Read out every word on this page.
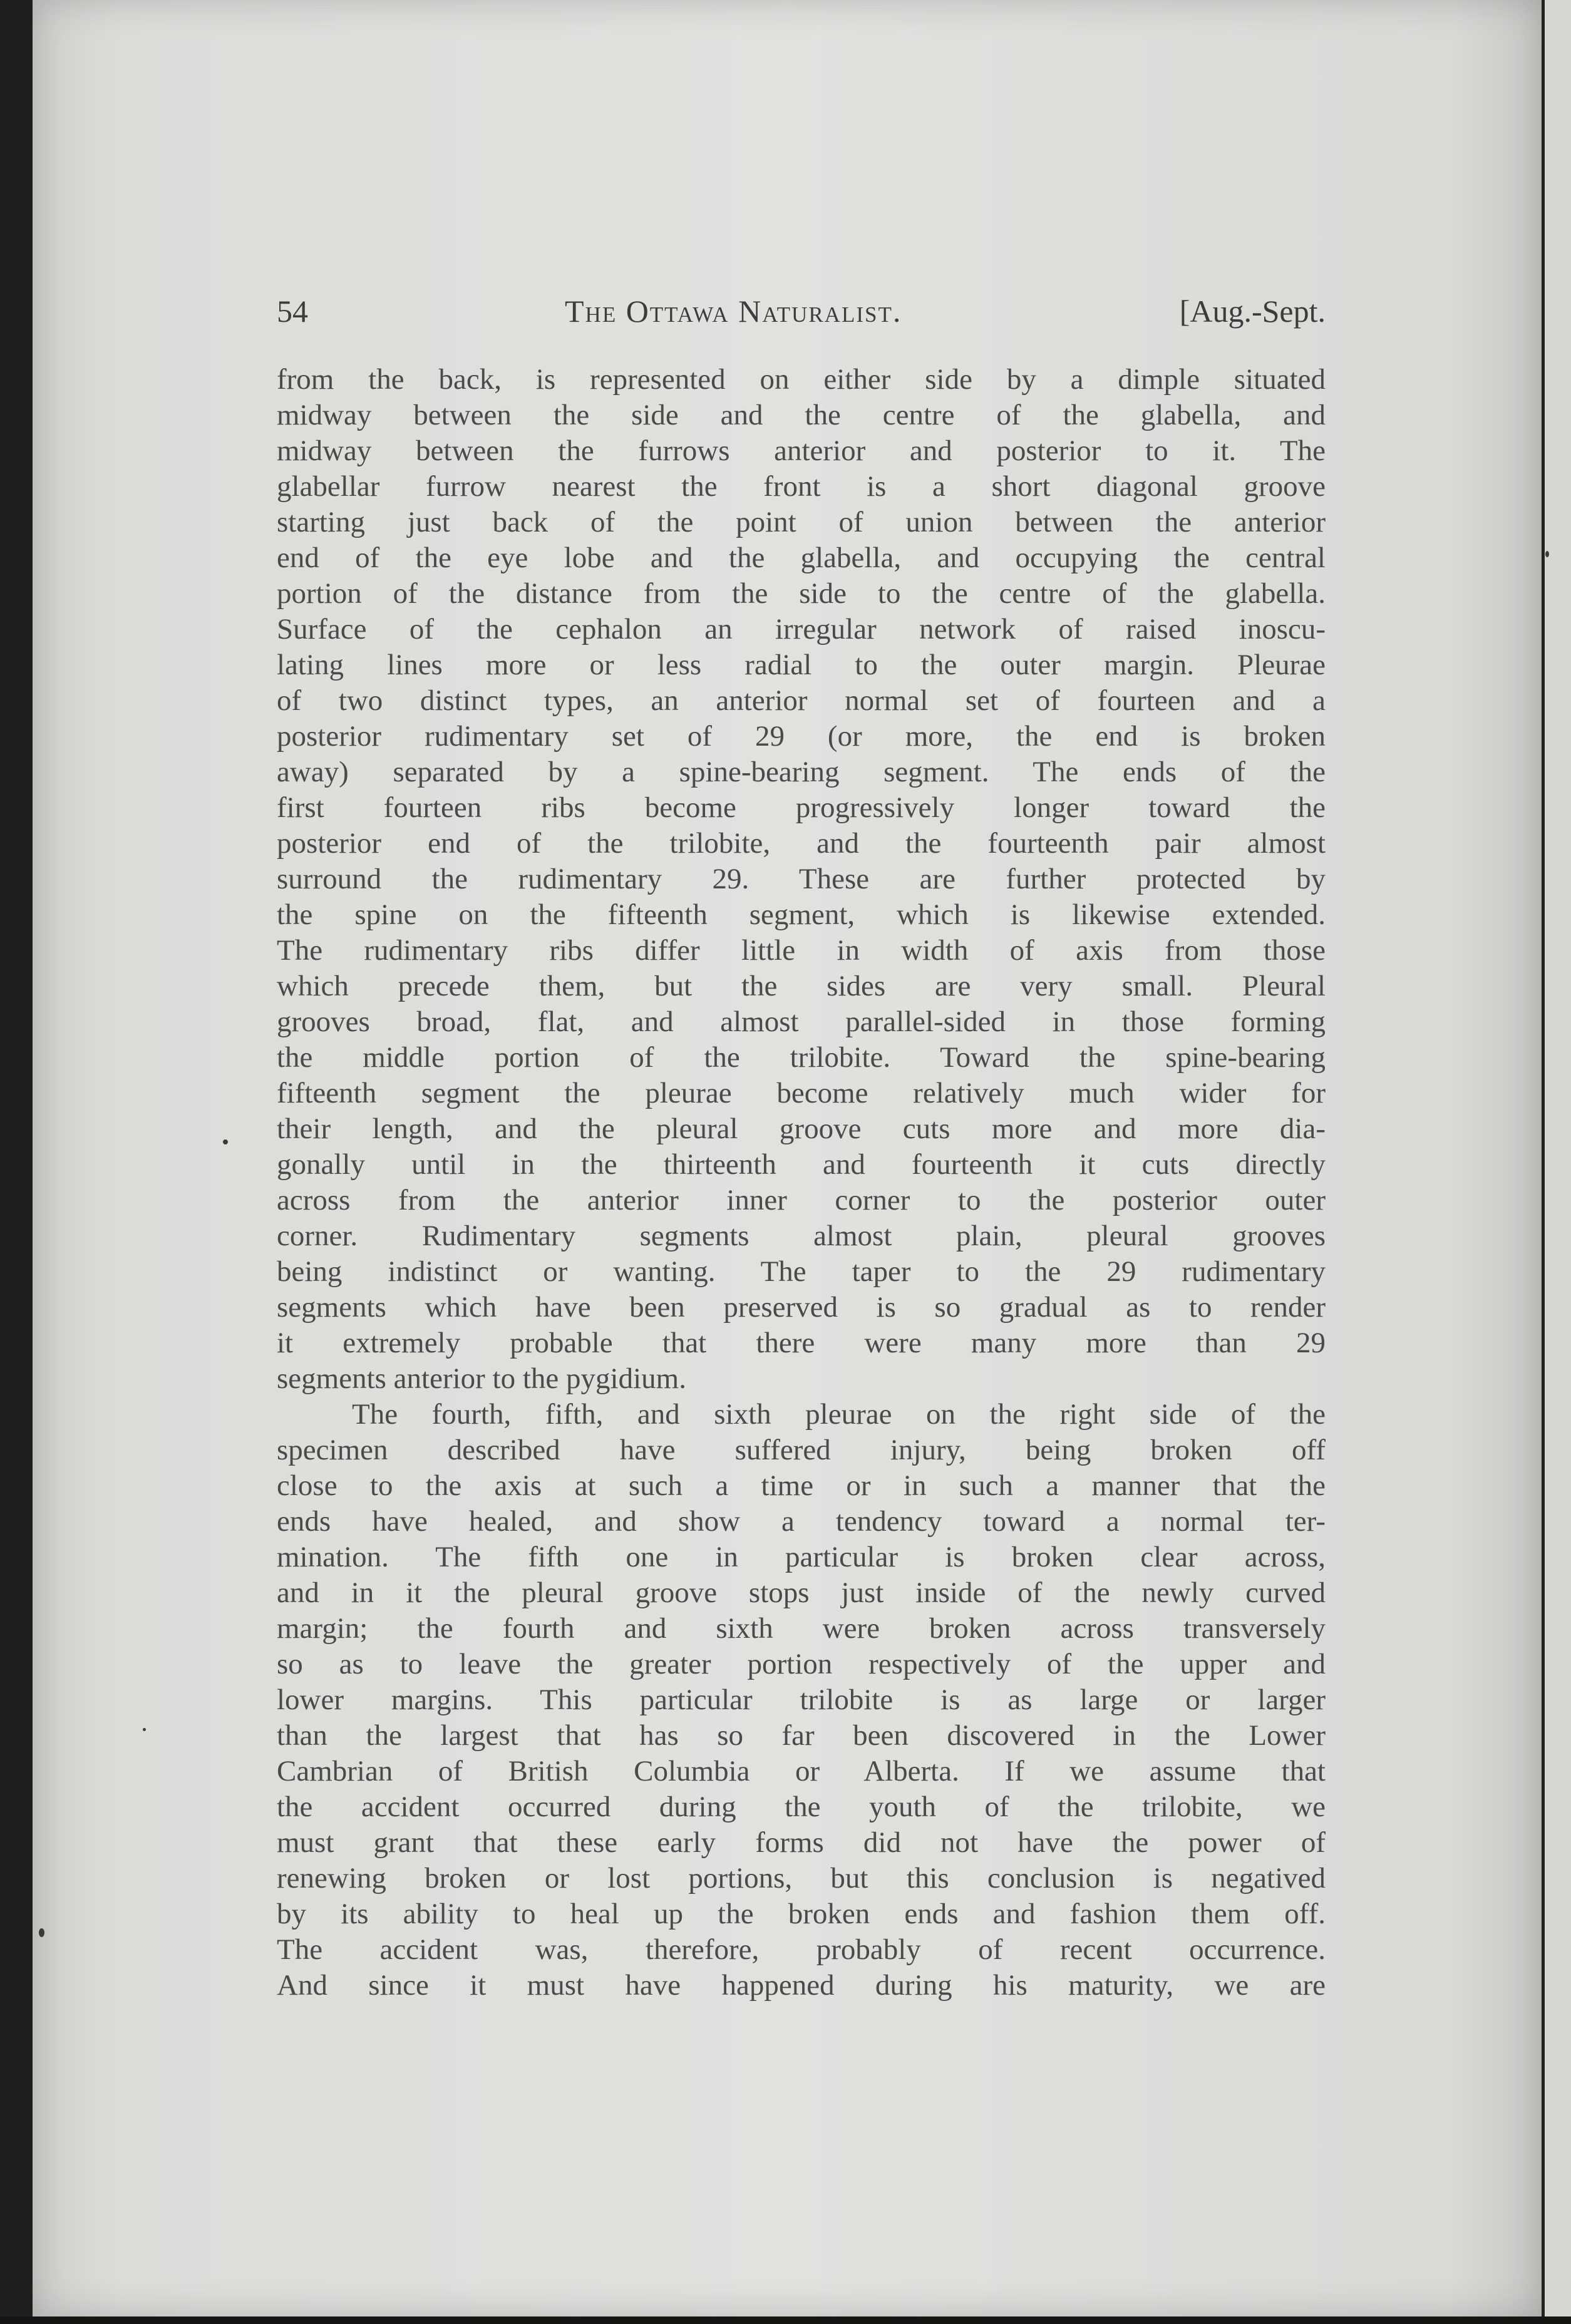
54	The Ottawa Naturalist.	[Aug.-Sept.
from the back, is represented on either side by a dimple situated
midway between the side and the centre of the glabella, and
midway between the furrows anterior and posterior to it. The
glabellar furrow nearest the front is a short diagonal groove
starting just back of the point of union between the anterior
end of the eye lobe and the glabella, and occupying the central
portion of the distance from the side to the centre of the glabella.
Surface of the cephalon an irregular network of raised inoscu-
lating lines more or less radial to the outer margin. Pleurae
of two distinct types, an anterior normal set of fourteen and a
posterior rudimentary set of 29 (or more, the end is broken
away) separated by a spine-bearing segment. The ends of the
first fourteen ribs become progressively longer toward the
posterior end of the trilobite, and the fourteenth pair almost
surround the rudimentary 29. These are further protected by
the spine on the fifteenth segment, which is likewise extended.
The rudimentary ribs differ little in width of axis from those
which precede them, but the sides are very small. Pleural
grooves broad, flat, and almost parallel-sided in those forming
the middle portion of the trilobite. Toward the spine-bearing
fifteenth segment the pleurae become relatively much wider for
their length, and the pleural groove cuts more and more dia-
gonally until in the thirteenth and fourteenth it cuts directly
across from the anterior inner corner to the posterior outer
corner. Rudimentary segments almost plain, pleural grooves
being indistinct or wanting. The taper to the 29 rudimentary
segments which have been preserved is so gradual as to render
it extremely probable that there were many more than 29
segments anterior to the pygidium.
The fourth, fifth, and sixth pleurae on the right side of the
specimen described have suffered injury, being broken off
close to the axis at such a time or in such a manner that the
ends have healed, and show a tendency toward a normal ter-
mination. The fifth one in particular is broken clear across,
and in it the pleural groove stops just inside of the newly curved
margin; the fourth and sixth were broken across transversely
so as to leave the greater portion respectively of the upper and
lower margins. This particular trilobite is as large or larger
than the largest that has so far been discovered in the Lower
Cambrian of British Columbia or Alberta. If we assume that
the accident occurred during the youth of the trilobite, we
must grant that these early forms did not have the power of
renewing broken or lost portions, but this conclusion is negatived
by its ability to heal up the broken ends and fashion them off.
The accident was, therefore, probably of recent occurrence.
And since it must have happened during his maturity, we are
